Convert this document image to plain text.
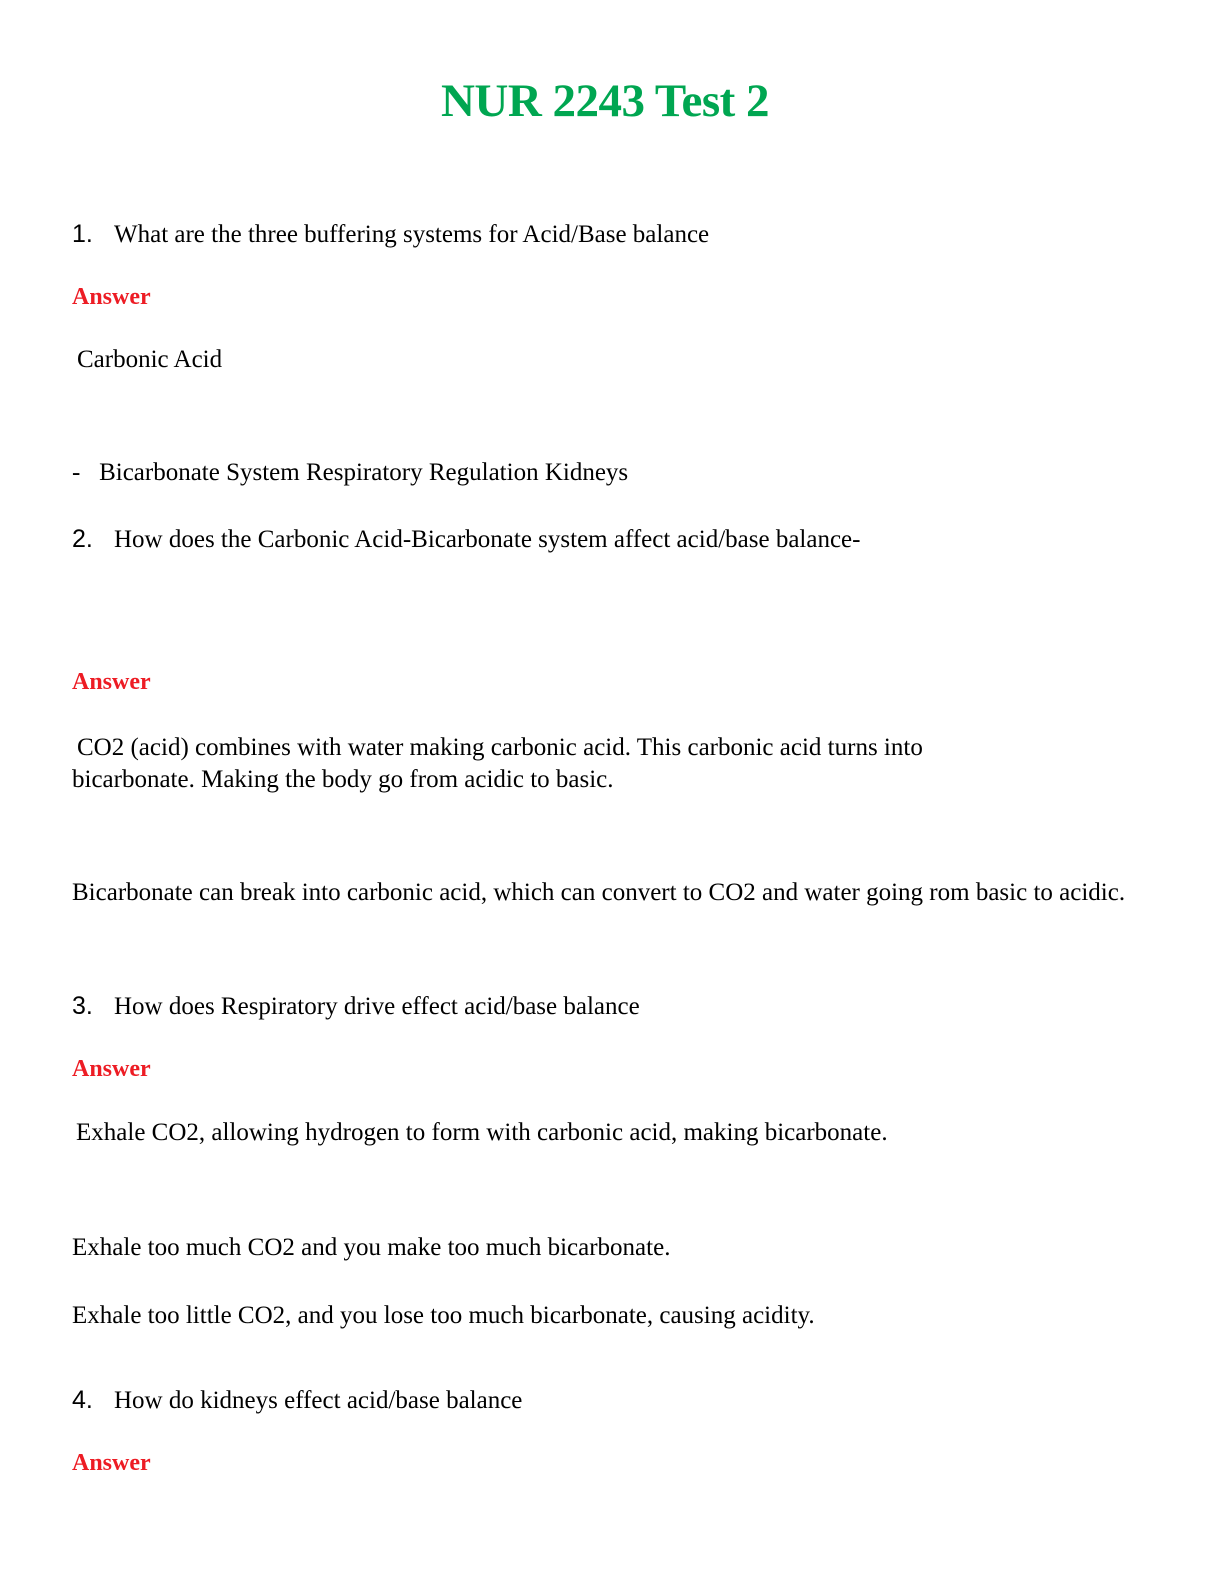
NUR 2243 Test 2
1. What are the three buffering systems for Acid/Base balance
Answer
Carbonic Acid
-   Bicarbonate System Respiratory Regulation Kidneys
2. How does the Carbonic Acid-Bicarbonate system affect acid/base balance-
Answer
CO2 (acid) combines with water making carbonic acid. This carbonic acid turns into bicarbonate. Making the body go from acidic to basic.
Bicarbonate can break into carbonic acid, which can convert to CO2 and water going rom basic to acidic.
3. How does Respiratory drive effect acid/base balance
Answer
Exhale CO2, allowing hydrogen to form with carbonic acid, making bicarbonate.
Exhale too much CO2 and you make too much bicarbonate.
Exhale too little CO2, and you lose too much bicarbonate, causing acidity.
4. How do kidneys effect acid/base balance
Answer
